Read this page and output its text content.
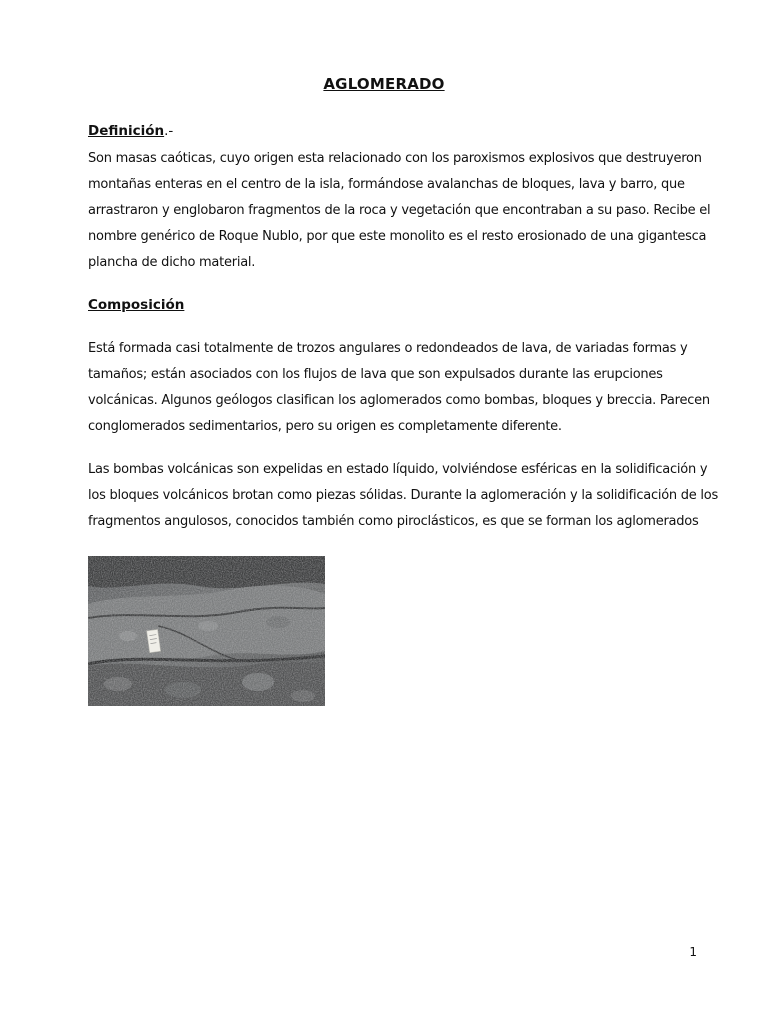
AGLOMERADO
Definición.-

Son masas caóticas, cuyo origen esta relacionado con los paroxismos explosivos que destruyeron
montañas enteras en el centro de la isla, formándose avalanchas de bloques, lava y barro, que
arrastraron y englobaron fragmentos de la roca y vegetación que encontraban a su paso. Recibe el
nombre genérico de Roque Nublo, por que este monolito es el resto erosionado de una gigantesca
plancha de dicho material.

Composición

Está formada casi totalmente de trozos angulares o redondeados de lava, de variadas formas y
tamaños; están asociados con los flujos de lava que son expulsados durante las erupciones
volcánicas. Algunos geólogos clasifican los aglomerados como bombas, bloques y breccia. Parecen
conglomerados sedimentarios, pero su origen es completamente diferente.

Las bombas volcánicas son expelidas en estado líquido, volviéndose esféricas en la solidificación y
los bloques volcánicos brotan como piezas sólidas. Durante la aglomeración y la solidificación de los
fragmentos angulosos, conocidos también como piroclásticos, es que se forman los aglomerados

1
